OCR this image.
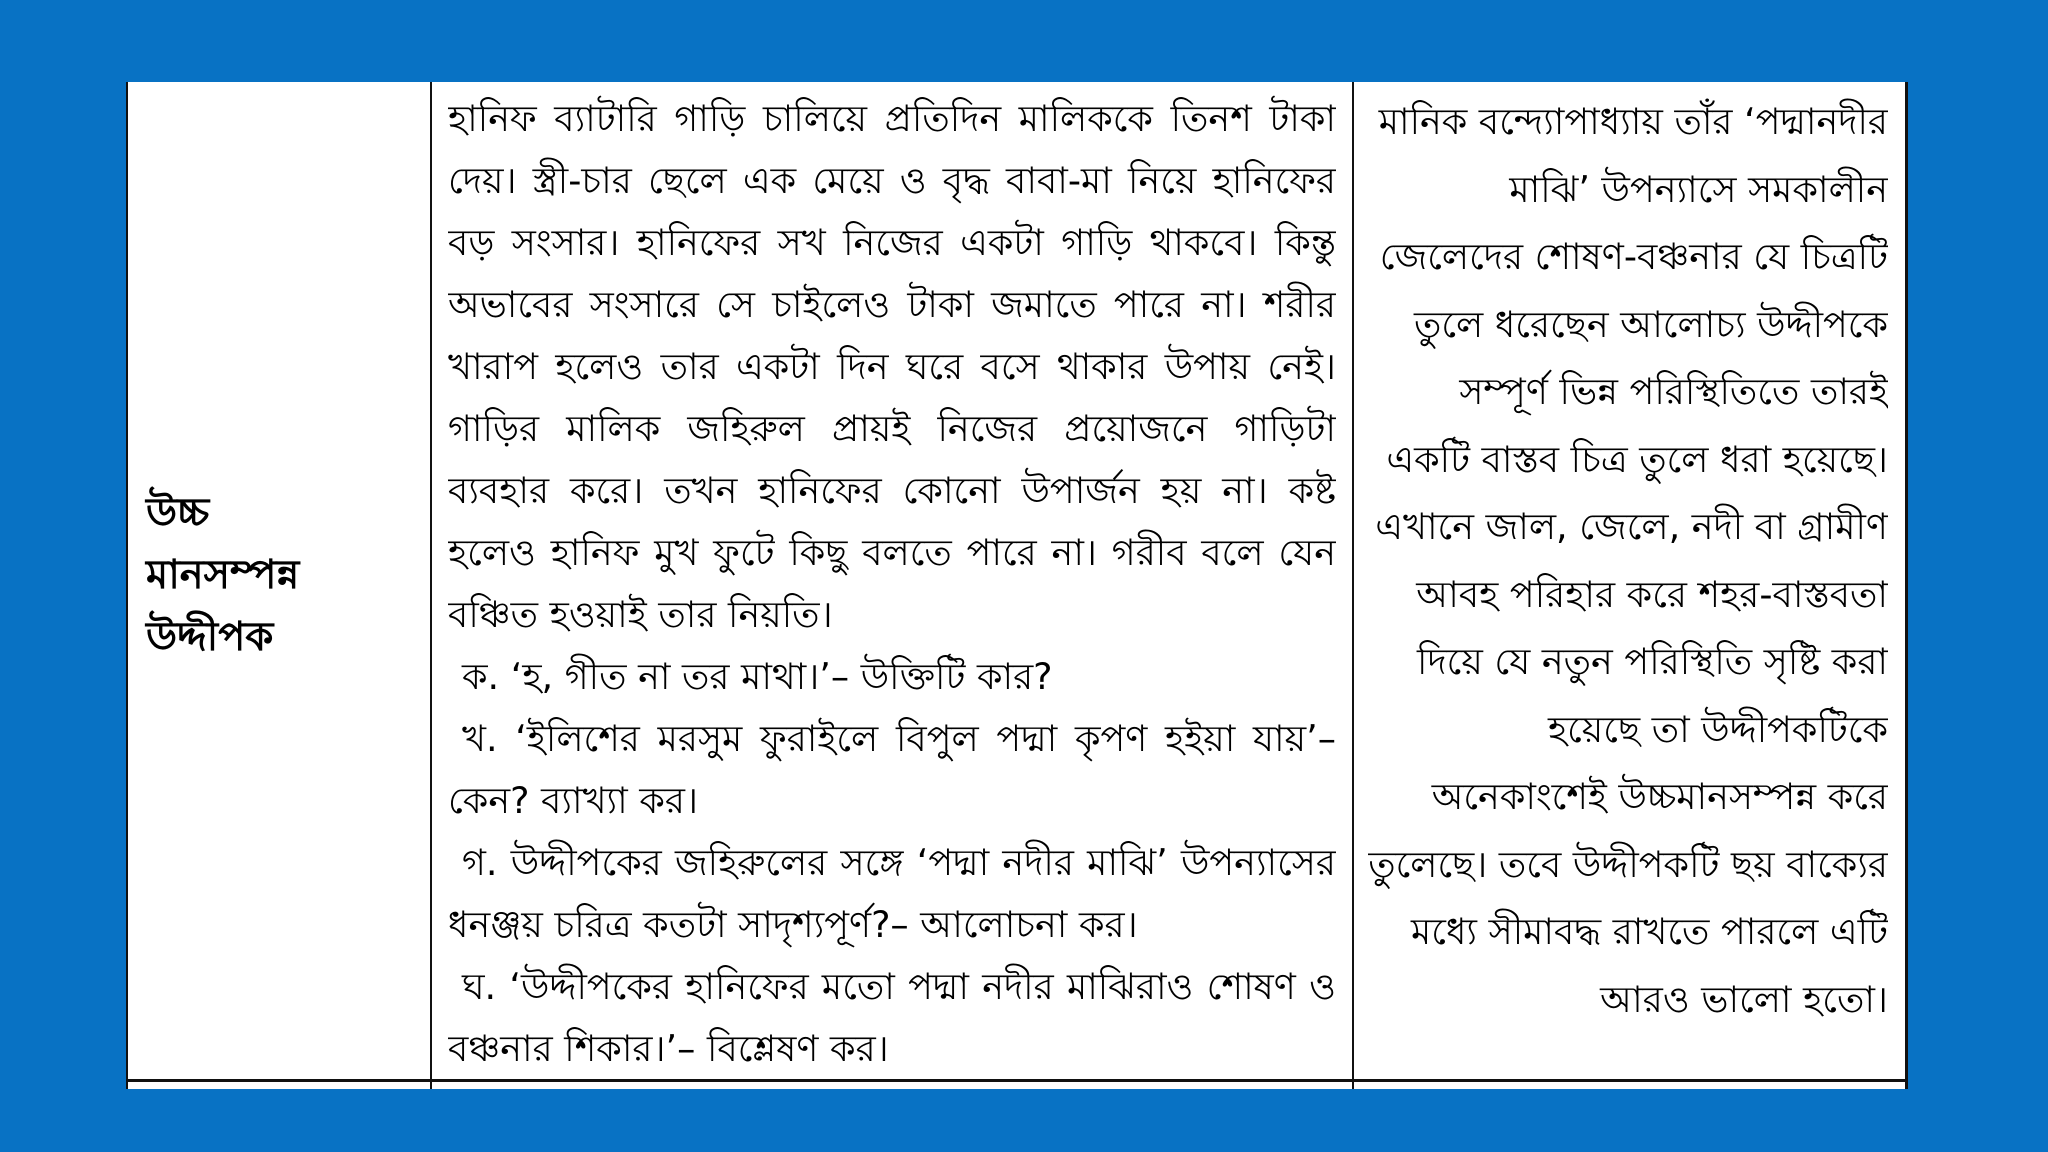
উচ্চ
মানসম্পন্ন
উদ্দীপক

হানিফ ব্যাটারি গাড়ি চালিয়ে প্রতিদিন মালিককে তিনশ টাকা দেয়। স্ত্রী-চার ছেলে এক মেয়ে ও বৃদ্ধ বাবা-মা নিয়ে হানিফের বড় সংসার। হানিফের সখ নিজের একটা গাড়ি থাকবে। কিন্তু অভাবের সংসারে সে চাইলেও টাকা জমাতে পারে না। শরীর খারাপ হলেও তার একটা দিন ঘরে বসে থাকার উপায় নেই। গাড়ির মালিক জহিরুল প্রায়ই নিজের প্রয়োজনে গাড়িটা ব্যবহার করে। তখন হানিফের কোনো উপার্জন হয় না। কষ্ট হলেও হানিফ মুখ ফুটে কিছু বলতে পারে না। গরীব বলে যেন বঞ্চিত হওয়াই তার নিয়তি।

ক. ‘হ, গীত না তর মাথা।’– উক্তিটি কার?

খ. ‘ইলিশের মরসুম ফুরাইলে বিপুল পদ্মা কৃপণ হইয়া যায়’– কেন? ব্যাখ্যা কর।

গ. উদ্দীপকের জহিরুলের সঙ্গে ‘পদ্মা নদীর মাঝি’ উপন্যাসের ধনঞ্জয় চরিত্র কতটা সাদৃশ্যপূর্ণ?– আলোচনা কর।

ঘ. ‘উদ্দীপকের হানিফের মতো পদ্মা নদীর মাঝিরাও শোষণ ও বঞ্চনার শিকার।’– বিশ্লেষণ কর।

মানিক বন্দ্যোপাধ্যায় তাঁর ‘পদ্মানদীর মাঝি’ উপন্যাসে সমকালীন জেলেদের শোষণ-বঞ্চনার যে চিত্রটি তুলে ধরেছেন আলোচ্য উদ্দীপকে সম্পূর্ণ ভিন্ন পরিস্থিতিতে তারই একটি বাস্তব চিত্র তুলে ধরা হয়েছে।

এখানে জাল, জেলে, নদী বা গ্রামীণ আবহ পরিহার করে শহর-বাস্তবতা দিয়ে যে নতুন পরিস্থিতি সৃষ্টি করা হয়েছে তা উদ্দীপকটিকে অনেকাংশেই উচ্চমানসম্পন্ন করে তুলেছে। তবে উদ্দীপকটি ছয় বাক্যের মধ্যে সীমাবদ্ধ রাখতে পারলে এটি আরও ভালো হতো।
